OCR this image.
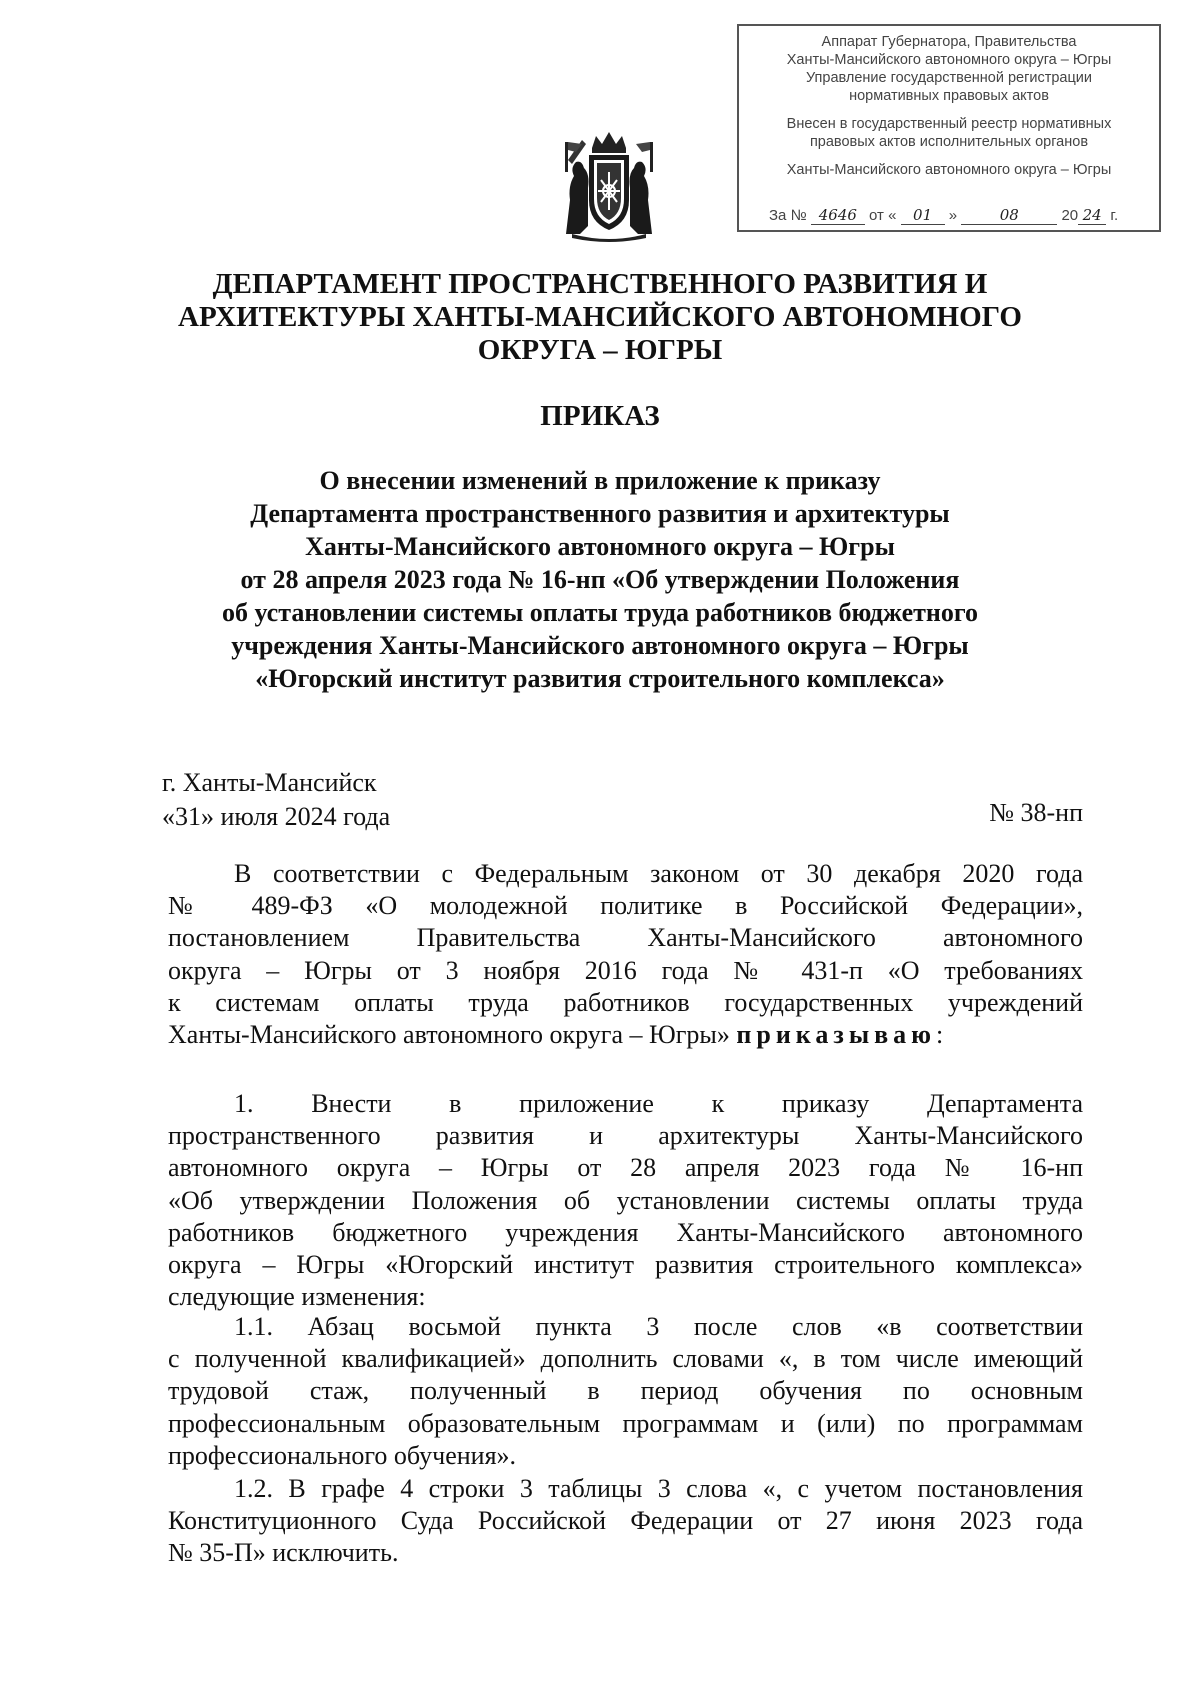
Аппарат Губернатора, Правительства
Ханты-Мансийского автономного округа – Югры
Управление государственной регистрации
нормативных правовых актов
Внесен в государственный реестр нормативных
правовых актов исполнительных органов
Ханты-Мансийского автономного округа – Югры
За № 4646 от « 01 »	08	20 24 г.
ДЕПАРТАМЕНТ ПРОСТРАНСТВЕННОГО РАЗВИТИЯ И
АРХИТЕКТУРЫ ХАНТЫ-МАНСИЙСКОГО АВТОНОМНОГО
ОКРУГА – ЮГРЫ
ПРИКАЗ
О внесении изменений в приложение к приказу
Департамента пространственного развития и архитектуры
Ханты-Мансийского автономного округа – Югры
от 28 апреля 2023 года № 16-нп «Об утверждении Положения
об установлении системы оплаты труда работников бюджетного
учреждения Ханты-Мансийского автономного округа – Югры
«Югорский институт развития строительного комплекса»
г. Ханты-Мансийск
«31» июля 2024 года	№ 38-нп
В соответствии с Федеральным законом от 30 декабря 2020 года
№ 489-ФЗ «О молодежной политике в Российской Федерации»,
постановлением Правительства Ханты-Мансийского автономного
округа – Югры от 3 ноября 2016 года № 431-п «О требованиях
к системам оплаты труда работников государственных учреждений
Ханты-Мансийского автономного округа – Югры» приказываю:
1. Внести в приложение к приказу Департамента
пространственного развития и архитектуры Ханты-Мансийского
автономного округа – Югры от 28 апреля 2023 года № 16-нп
«Об утверждении Положения об установлении системы оплаты труда
работников бюджетного учреждения Ханты-Мансийского автономного
округа – Югры «Югорский институт развития строительного комплекса»
следующие изменения:
1.1. Абзац восьмой пункта 3 после слов «в соответствии
с полученной квалификацией» дополнить словами «, в том числе имеющий
трудовой стаж, полученный в период обучения по основным
профессиональным образовательным программам и (или) по программам
профессионального обучения».
1.2. В графе 4 строки 3 таблицы 3 слова «, с учетом постановления
Конституционного Суда Российской Федерации от 27 июня 2023 года
№ 35-П» исключить.
